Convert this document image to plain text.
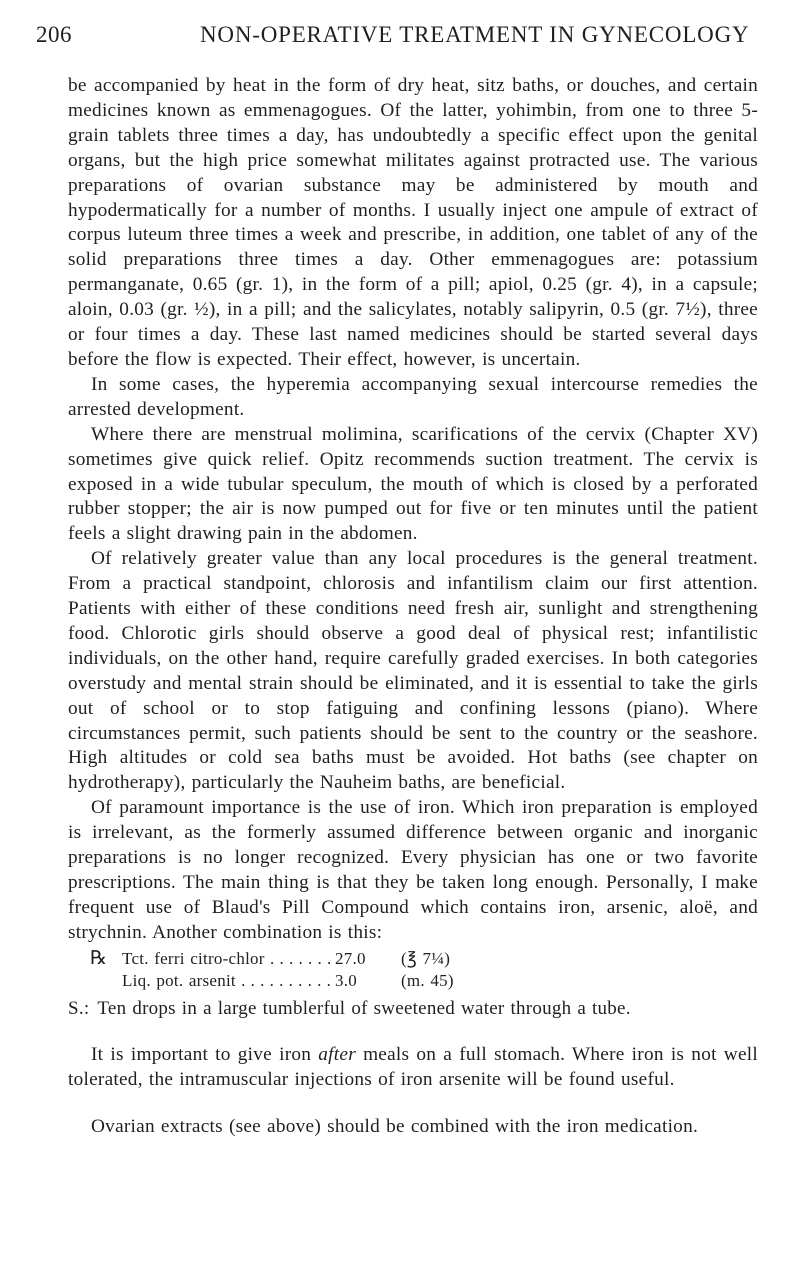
206	NON-OPERATIVE TREATMENT IN GYNECOLOGY

be accompanied by heat in the form of dry heat, sitz baths, or douches, and certain medicines known as emmenagogues. Of the latter, yohimbin, from one to three 5-grain tablets three times a day, has undoubtedly a specific effect upon the genital organs, but the high price somewhat militates against protracted use. The various preparations of ovarian substance may be administered by mouth and hypodermatically for a number of months. I usually inject one ampule of extract of corpus luteum three times a week and prescribe, in addition, one tablet of any of the solid preparations three times a day. Other emmenagogues are: potassium permanganate, 0.65 (gr. 1), in the form of a pill; apiol, 0.25 (gr. 4), in a capsule; aloin, 0.03 (gr. ½), in a pill; and the salicylates, notably salipyrin, 0.5 (gr. 7½), three or four times a day. These last named medicines should be started several days before the flow is expected. Their effect, however, is uncertain.

In some cases, the hyperemia accompanying sexual intercourse remedies the arrested development.

Where there are menstrual molimina, scarifications of the cervix (Chapter XV) sometimes give quick relief. Opitz recommends suction treatment. The cervix is exposed in a wide tubular speculum, the mouth of which is closed by a perforated rubber stopper; the air is now pumped out for five or ten minutes until the patient feels a slight drawing pain in the abdomen.

Of relatively greater value than any local procedures is the general treatment. From a practical standpoint, chlorosis and infantilism claim our first attention. Patients with either of these conditions need fresh air, sunlight and strengthening food. Chlorotic girls should observe a good deal of physical rest; infantilistic individuals, on the other hand, require carefully graded exercises. In both categories overstudy and mental strain should be eliminated, and it is essential to take the girls out of school or to stop fatiguing and confining lessons (piano). Where circumstances permit, such patients should be sent to the country or the seashore. High altitudes or cold sea baths must be avoided. Hot baths (see chapter on hydrotherapy), particularly the Nauheim baths, are beneficial.

Of paramount importance is the use of iron. Which iron preparation is employed is irrelevant, as the formerly assumed difference between organic and inorganic preparations is no longer recognized. Every physician has one or two favorite prescriptions. The main thing is that they be taken long enough. Personally, I make frequent use of Blaud's Pill Compound which contains iron, arsenic, aloë, and strychnin. Another combination is this:

℞ Tct. ferri citro-chlor . . .	27.0 (℥ 7¼)
Liq. pot. arsenit . . .	3.0	(m. 45)

S.: Ten drops in a large tumblerful of sweetened water through a tube.

It is important to give iron after meals on a full stomach. Where iron is not well tolerated, the intramuscular injections of iron arsenite will be found useful.

Ovarian extracts (see above) should be combined with the iron medication.
